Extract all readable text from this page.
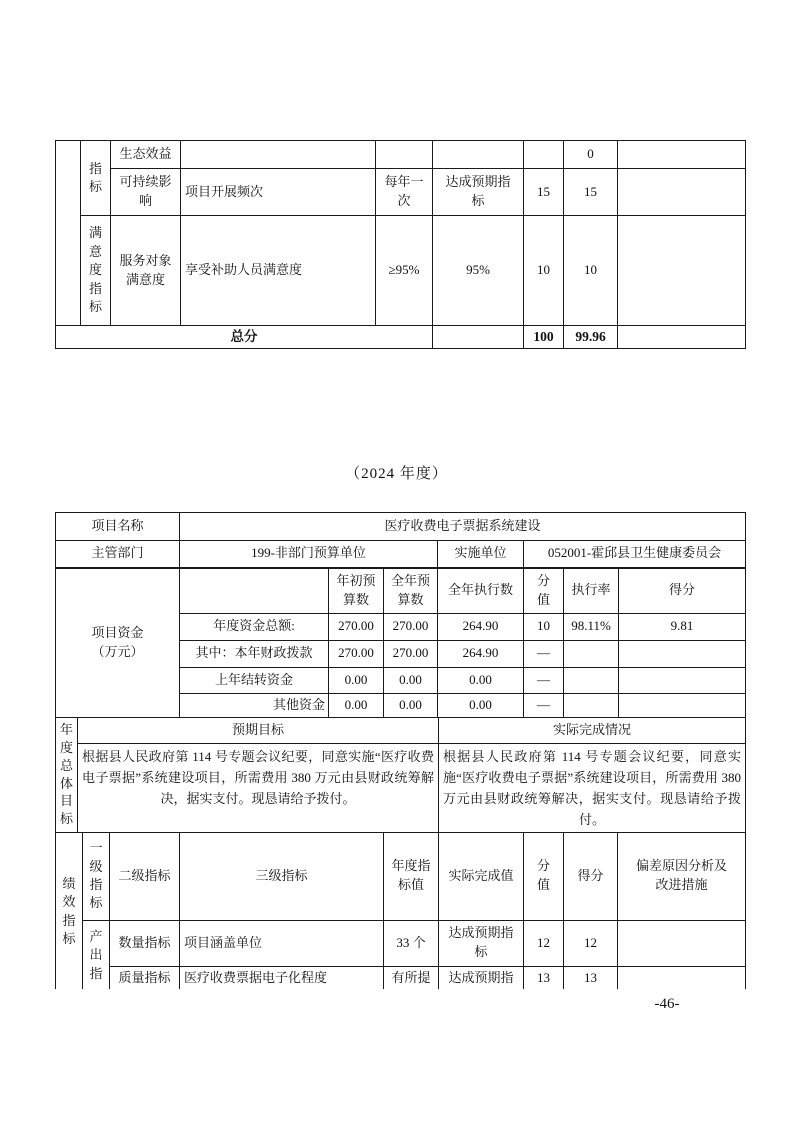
	指标	生态效益					0	

		可持续影响	项目开展频次	每年一次	达成预期指标	15	15	

	满意度指标	服务对象满意度	享受补助人员满意度	≥95%	95%	10	10	
总分						100	99.96	
（2024 年度）
项目名称	医疗收费电子票据系统建设		
主管部门	199-非部门预算单位	实施单位	052001-霍邱县卫生健康委员会
项目资金
（万元）		年初预算数	全年预算数	全年执行数	分值	执行率	得分
	年度资金总额:	270.00	270.00	264.90	10	98.11%	9.81
	其中：本年财政拨款	270.00	270.00	264.90	—		
	上年结转资金	0.00	0.00	0.00	—		
	其他资金	0.00	0.00	0.00	—		
年度总体目标	预期目标	实际完成情况
	根据县人民政府第 114 号专题会议纪要，同意实施“医疗收费电子票据”系统建设项目，所需费用 380 万元由县财政统筹解决，据实支付。现恳请给予拨付。	根据县人民政府第 114 号专题会议纪要，同意实施“医疗收费电子票据”系统建设项目，所需费用 380 万元由县财政统筹解决，据实支付。现恳请给予拨付。
绩效指标	一级指标	二级指标	三级指标	年度指标值	实际完成值	分值	得分	偏差原因分析及改进措施

	产出指	数量指标	项目涵盖单位	33 个	达成预期指标	12	12	
		质量指标	医疗收费票据电子化程度	有所提	达成预期指	13	13	
-46-
